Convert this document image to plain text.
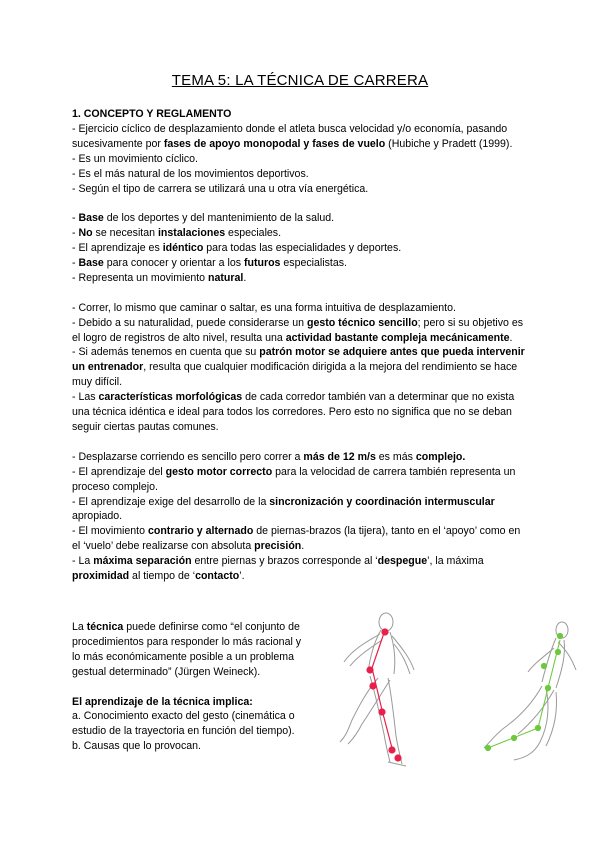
TEMA 5: LA TÉCNICA DE CARRERA

1. CONCEPTO Y REGLAMENTO

- Ejercicio cíclico de desplazamiento donde el atleta busca velocidad y/o economía, pasando sucesivamente por fases de apoyo monopodal y fases de vuelo (Hubiche y Pradett (1999).

- Es un movimiento cíclico.

- Es el más natural de los movimientos deportivos.

- Según el tipo de carrera se utilizará una u otra vía energética.

- Base de los deportes y del mantenimiento de la salud.

- No se necesitan instalaciones especiales.

- El aprendizaje es idéntico para todas las especialidades y deportes.

- Base para conocer y orientar a los futuros especialistas.

- Representa un movimiento natural.

- Correr, lo mismo que caminar o saltar, es una forma intuitiva de desplazamiento.

- Debido a su naturalidad, puede considerarse un gesto técnico sencillo; pero si su objetivo es el logro de registros de alto nivel, resulta una actividad bastante compleja mecánicamente.

- Si además tenemos en cuenta que su patrón motor se adquiere antes que pueda intervenir un entrenador, resulta que cualquier modificación dirigida a la mejora del rendimiento se hace muy difícil.

- Las características morfológicas de cada corredor también van a determinar que no exista una técnica idéntica e ideal para todos los corredores. Pero esto no significa que no se deban seguir ciertas pautas comunes.

- Desplazarse corriendo es sencillo pero correr a más de 12 m/s es más complejo.

- El aprendizaje del gesto motor correcto para la velocidad de carrera también representa un proceso complejo.

- El aprendizaje exige del desarrollo de la sincronización y coordinación intermuscular apropiado.

- El movimiento contrario y alternado de piernas-brazos (la tijera), tanto en el ‘apoyo’ como en el ‘vuelo’ debe realizarse con absoluta precisión.

- La máxima separación entre piernas y brazos corresponde al ‘despegue’, la máxima proximidad al tiempo de ‘contacto’.

La técnica puede definirse como “el conjunto de procedimientos para responder lo más racional y lo más económicamente posible a un problema gestual determinado” (Jürgen Weineck).

El aprendizaje de la técnica implica:

a. Conocimiento exacto del gesto (cinemática o estudio de la trayectoria en función del tiempo).

b. Causas que lo provocan.
